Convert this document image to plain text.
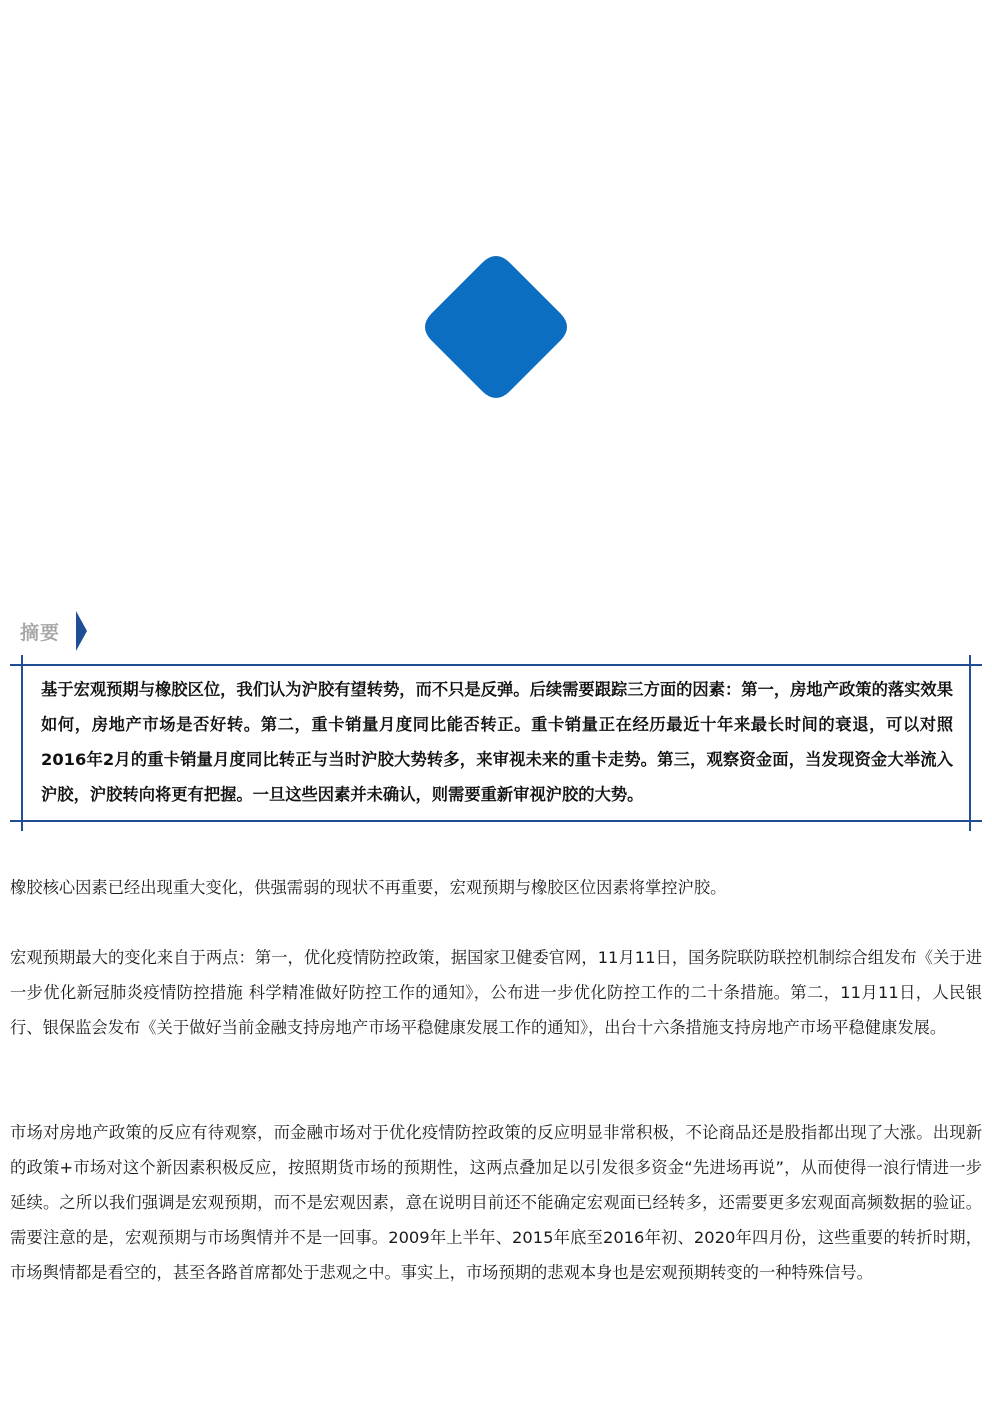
摘要

基于宏观预期与橡胶区位，我们认为沪胶有望转势，而不只是反弹。后续需要跟踪三方面的因素：第一，房地产政策的落实效果如何，房地产市场是否好转。第二，重卡销量月度同比能否转正。重卡销量正在经历最近十年来最长时间的衰退，可以对照2016年2月的重卡销量月度同比转正与当时沪胶大势转多，来审视未来的重卡走势。第三，观察资金面，当发现资金大举流入沪胶，沪胶转向将更有把握。一旦这些因素并未确认，则需要重新审视沪胶的大势。

橡胶核心因素已经出现重大变化，供强需弱的现状不再重要，宏观预期与橡胶区位因素将掌控沪胶。

宏观预期最大的变化来自于两点：第一，优化疫情防控政策，据国家卫健委官网，11月11日，国务院联防联控机制综合组发布《关于进一步优化新冠肺炎疫情防控措施 科学精准做好防控工作的通知》，公布进一步优化防控工作的二十条措施。第二，11月11日，人民银行、银保监会发布《关于做好当前金融支持房地产市场平稳健康发展工作的通知》，出台十六条措施支持房地产市场平稳健康发展。

市场对房地产政策的反应有待观察，而金融市场对于优化疫情防控政策的反应明显非常积极，不论商品还是股指都出现了大涨。出现新的政策+市场对这个新因素积极反应，按照期货市场的预期性，这两点叠加足以引发很多资金“先进场再说”，从而使得一浪行情进一步延续。之所以我们强调是宏观预期，而不是宏观因素，意在说明目前还不能确定宏观面已经转多，还需要更多宏观面高频数据的验证。需要注意的是，宏观预期与市场舆情并不是一回事。2009年上半年、2015年底至2016年初、2020年四月份，这些重要的转折时期，市场舆情都是看空的，甚至各路首席都处于悲观之中。事实上，市场预期的悲观本身也是宏观预期转变的一种特殊信号。
